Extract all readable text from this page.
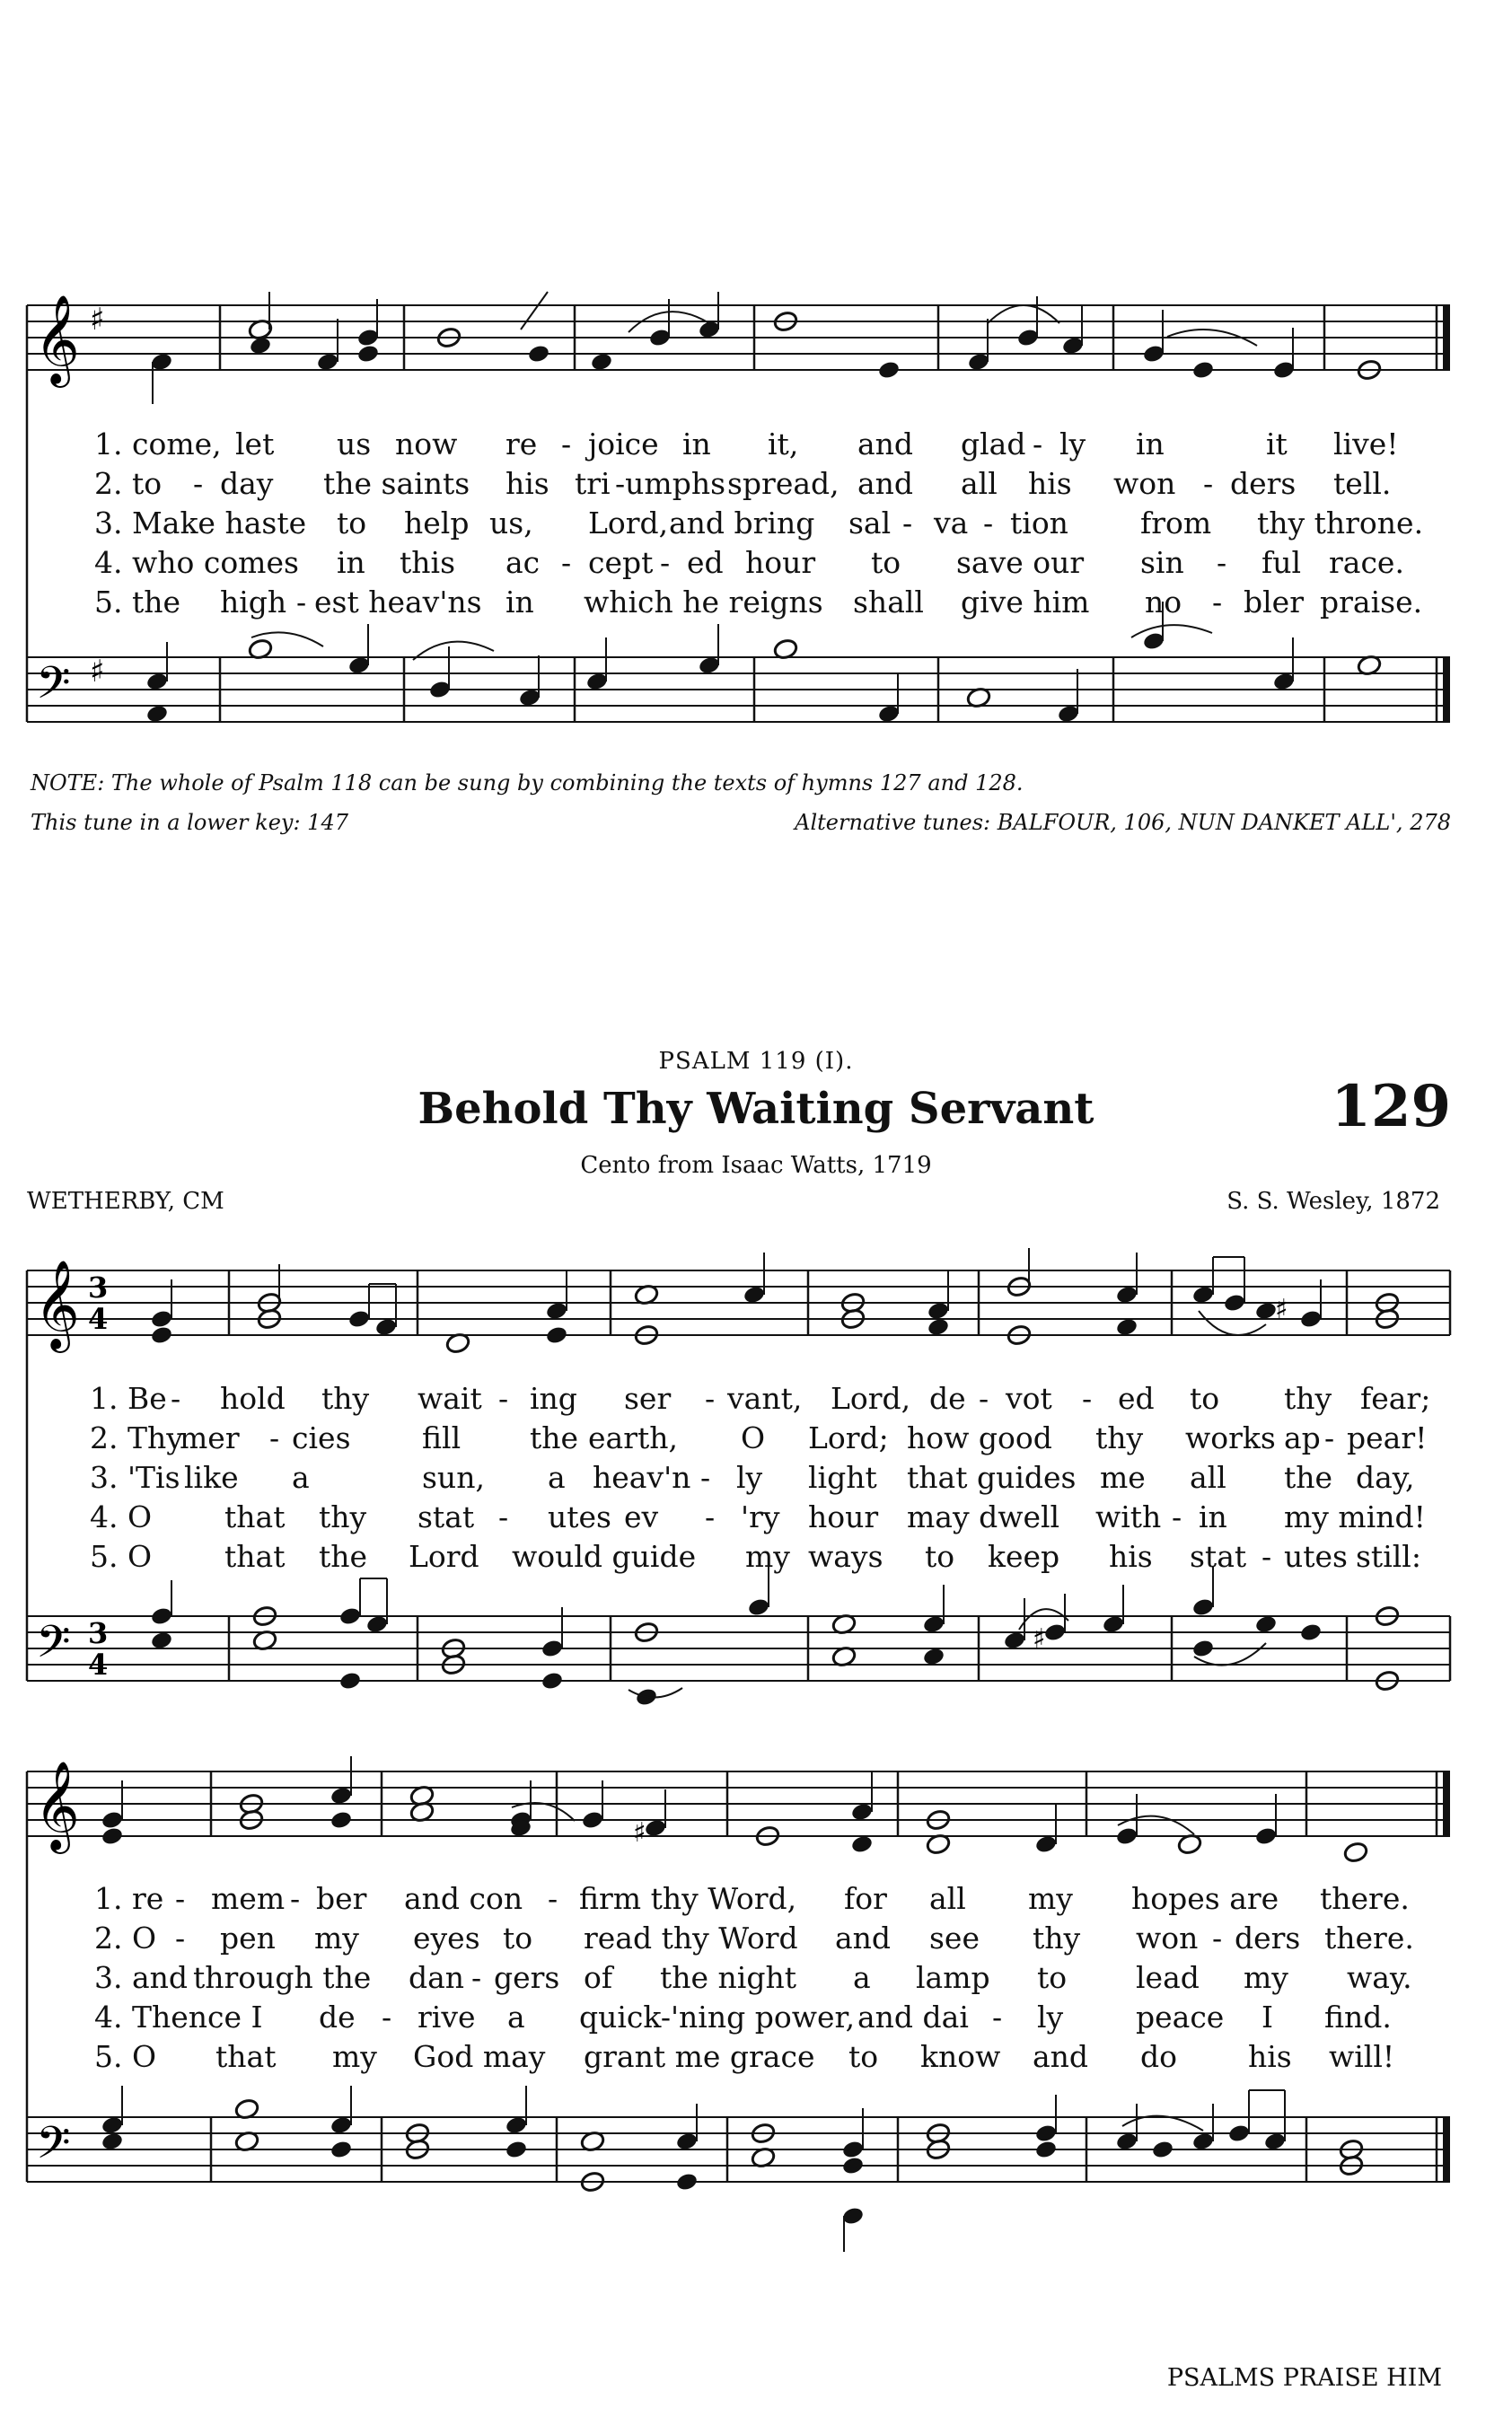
𝄞
𝄢
♯
♯
1. come, let us now re - joice in it, and glad - ly in	it live!
2. to - day the saints his tri -umphs spread, and all his won - ders tell.
3. Make haste to help us, Lord, and bring sal - va - tion from thy throne.
4. who comes in this ac - cept - ed hour to save our sin - ful race.
5. the high - est heav'ns in which he reigns shall give him no - bler praise.
NOTE: The whole of Psalm 118 can be sung by combining the texts of hymns 127 and 128.
This tune in a lower key: 147	Alternative tunes: BALFOUR, 106, NUN DANKET ALL', 278
PSALM 119 (I).
Behold Thy Waiting Servant	129
Cento from Isaac Watts, 1719
WETHERBY, CM	S. S. Wesley, 1872
𝄞
𝄢
3
4
3
4
♯
♯
1. Be - hold thy wait - ing ser - vant, Lord, de - vot - ed to thy fear;
2. Thy
mer - cies fill the earth, O Lord; how good thy works ap - pear!
3. 'Tis like a	sun, a heav'n - ly light that guides me all the day,
4. O that thy stat - utes ev - 'ry hour may dwell with - in my mind!
5. O that the Lord would guide my ways to keep his stat - utes still:
𝄞
𝄢
♯
1. re - mem - ber and con - firm thy Word, for all my hopes are there.
2. O - pen my eyes to read thy Word and see thy won - ders there.
3. and through the dan - gers of the night a lamp to lead my way.
4. Thence I de - rive a quick-'ning power, and dai - ly peace I find.
5. O that my God may grant me grace to know and do his will!
PSALMS PRAISE HIM
